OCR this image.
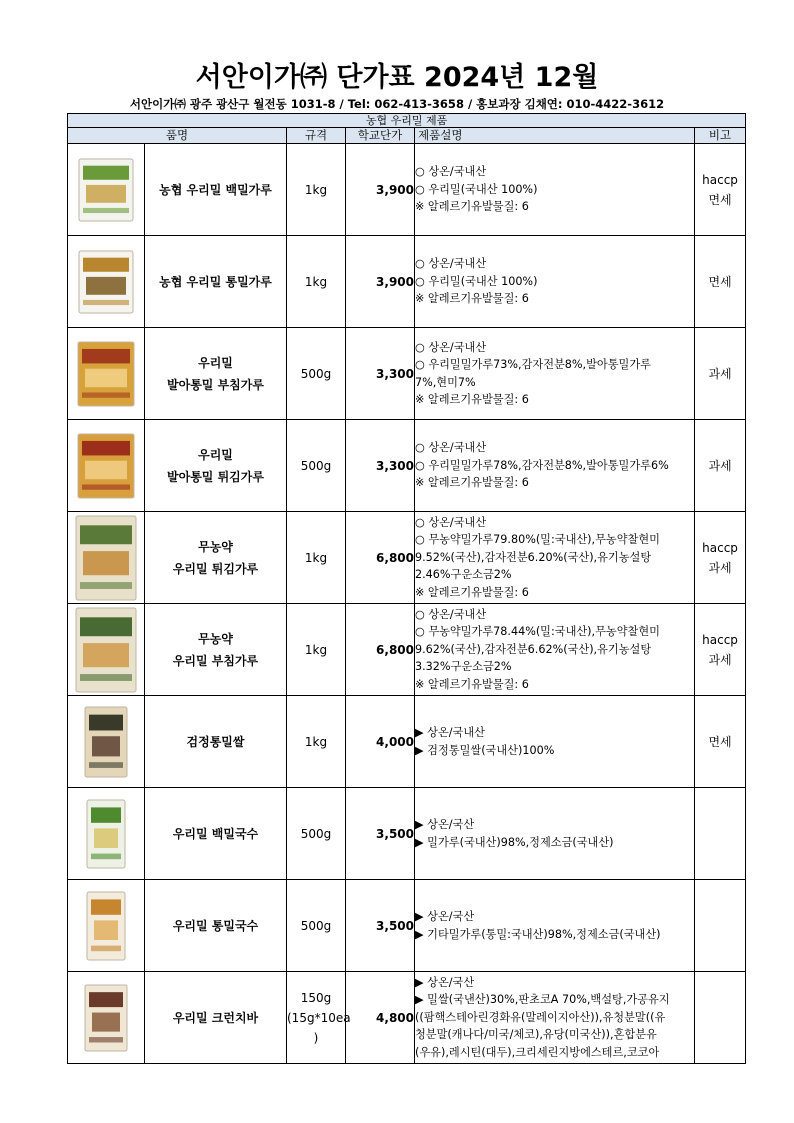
서안이가㈜ 단가표 2024년 12월
서안이가㈜ 광주 광산구 월전동 1031-8 / Tel: 062-413-3658 / 홍보과장 김채연: 010-4422-3612
농협 우리밀 제품					
품명		규격	학교단가	제품설명	비고

농협 우리밀 백밀가루	1kg	3,900	○ 상온/국내산
○ 우리밀(국내산 100%)
※ 알레르기유발물질: 6	haccp
면세

농협 우리밀 통밀가루	1kg	3,900	○ 상온/국내산
○ 우리밀(국내산 100%)
※ 알레르기유발물질: 6	면세

우리밀
발아통밀 부침가루	500g	3,300	○ 상온/국내산
○ 우리밀밀가루73%,감자전분8%,발아통밀가루
7%,현미7%
※ 알레르기유발물질: 6	과세

우리밀
발아통밀 튀김가루	500g	3,300	○ 상온/국내산
○ 우리밀밀가루78%,감자전분8%,발아통밀가루6%
※ 알레르기유발물질: 6	과세

무농약
우리밀 튀김가루	1kg	6,800	○ 상온/국내산
○ 무농약밀가루79.80%(밀:국내산),무농약찰현미
9.52%(국산),감자전분6.20%(국산),유기농설탕
2.46%구운소금2%
※ 알레르기유발물질: 6	haccp
과세

무농약
우리밀 부침가루	1kg	6,800	○ 상온/국내산
○ 무농약밀가루78.44%(밀:국내산),무농약찰현미
9.62%(국산),감자전분6.62%(국산),유기농설탕
3.32%구운소금2%
※ 알레르기유발물질: 6	haccp
과세

검정통밀쌀	1kg	4,000	▶ 상온/국내산
▶ 검정통밀쌀(국내산)100%	면세

우리밀 백밀국수	500g	3,500	▶ 상온/국산
▶ 밀가루(국내산)98%,정제소금(국내산)	

우리밀 통밀국수	500g	3,500	▶ 상온/국산
▶ 기타밀가루(통밀:국내산)98%,정제소금(국내산)	

우리밀 크런치바	150g
(15g*10ea
)	4,800	▶ 상온/국산
▶ 밀쌀(국낸산)30%,판초코A 70%,백설탕,가공유지
((팜핵스테아린경화유(말레이지아산)),유청분말((유
청분말(캐나다/미국/체코),유당(미국산)),혼합분유
(우유),레시틴(대두),크리세린지방에스테르,코코아	
